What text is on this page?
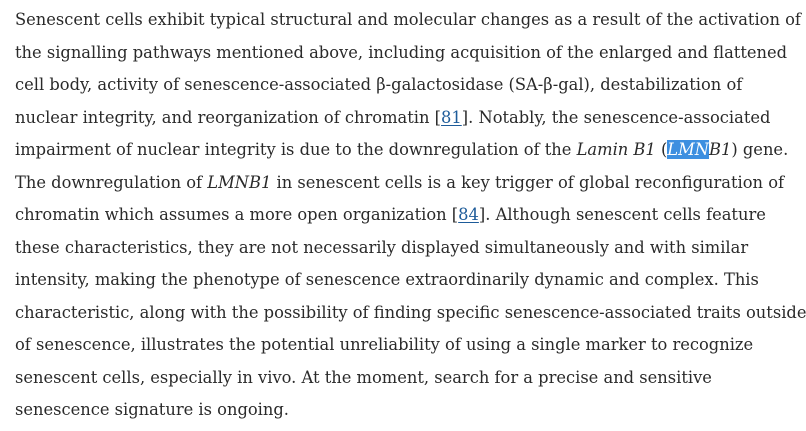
Senescent cells exhibit typical structural and molecular changes as a result of the activation of
the signalling pathways mentioned above, including acquisition of the enlarged and flattened
cell body, activity of senescence-associated β-galactosidase (SA-β-gal), destabilization of
nuclear integrity, and reorganization of chromatin [81]. Notably, the senescence-associated
impairment of nuclear integrity is due to the downregulation of the Lamin B1 (LMNB1) gene.
The downregulation of LMNB1 in senescent cells is a key trigger of global reconfiguration of
chromatin which assumes a more open organization [84]. Although senescent cells feature
these characteristics, they are not necessarily displayed simultaneously and with similar
intensity, making the phenotype of senescence extraordinarily dynamic and complex. This
characteristic, along with the possibility of finding specific senescence-associated traits outside
of senescence, illustrates the potential unreliability of using a single marker to recognize
senescent cells, especially in vivo. At the moment, search for a precise and sensitive
senescence signature is ongoing.
